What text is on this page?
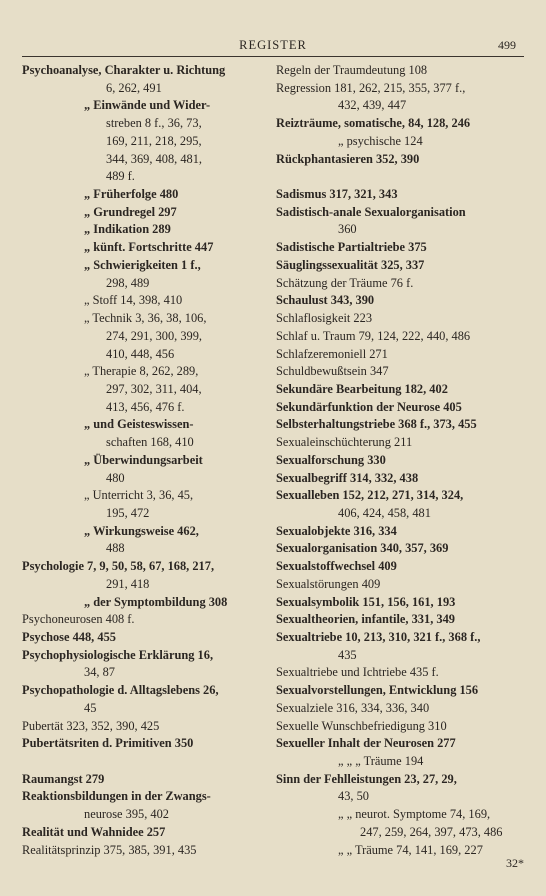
REGISTER	499
Psychoanalyse, Charakter u. Richtung
6, 262, 491
„ Einwände und Wider-
streben 8 f., 36, 73,
169, 211, 218, 295,
344, 369, 408, 481,
489 f.
„ Früherfolge 480
„ Grundregel 297
„ Indikation 289
„ künft. Fortschritte 447
„ Schwierigkeiten 1 f.,
298, 489
„ Stoff 14, 398, 410
„ Technik 3, 36, 38, 106,
274, 291, 300, 399,
410, 448, 456
„ Therapie 8, 262, 289,
297, 302, 311, 404,
413, 456, 476 f.
„ und Geisteswissen-
schaften 168, 410
„ Überwindungsarbeit
480
„ Unterricht 3, 36, 45,
195, 472
„ Wirkungsweise 462,
488
Psychologie 7, 9, 50, 58, 67, 168, 217,
291, 418
„ der Symptombildung 308
Psychoneurosen 408 f.
Psychose 448, 455
Psychophysiologische Erklärung 16,
34, 87
Psychopathologie d. Alltagslebens 26,
45
Pubertät 323, 352, 390, 425
Pubertätsriten d. Primitiven 350
Raumangst 279
Reaktionsbildungen in der Zwangs-
neurose 395, 402
Realität und Wahnidee 257
Realitätsprinzip 375, 385, 391, 435
Regeln der Traumdeutung 108
Regression 181, 262, 215, 355, 377 f.,
432, 439, 447
Reizträume, somatische, 84, 128, 246
„ psychische 124
Rückphantasieren 352, 390
Sadismus 317, 321, 343
Sadistisch-anale Sexualorganisation
360
Sadistische Partialtriebe 375
Säuglingssexualität 325, 337
Schätzung der Träume 76 f.
Schaulust 343, 390
Schlaflosigkeit 223
Schlaf u. Traum 79, 124, 222, 440, 486
Schlafzeremoniell 271
Schuldbewußtsein 347
Sekundäre Bearbeitung 182, 402
Sekundärfunktion der Neurose 405
Selbsterhaltungstriebe 368 f., 373, 455
Sexualeinschüchterung 211
Sexualforschung 330
Sexualbegriff 314, 332, 438
Sexualleben 152, 212, 271, 314, 324,
406, 424, 458, 481
Sexualobjekte 316, 334
Sexualorganisation 340, 357, 369
Sexualstoffwechsel 409
Sexualstörungen 409
Sexualsymbolik 151, 156, 161, 193
Sexualtheorien, infantile, 331, 349
Sexualtriebe 10, 213, 310, 321 f., 368 f.,
435
Sexualtriebe und Ichtriebe 435 f.
Sexualvorstellungen, Entwicklung 156
Sexualziele 316, 334, 336, 340
Sexuelle Wunschbefriedigung 310
Sexueller Inhalt der Neurosen 277
„ „ „ Träume 194
Sinn der Fehlleistungen 23, 27, 29,
43, 50
„ „ neurot. Symptome 74, 169,
247, 259, 264, 397, 473, 486
„ „ Träume 74, 141, 169, 227
32*
